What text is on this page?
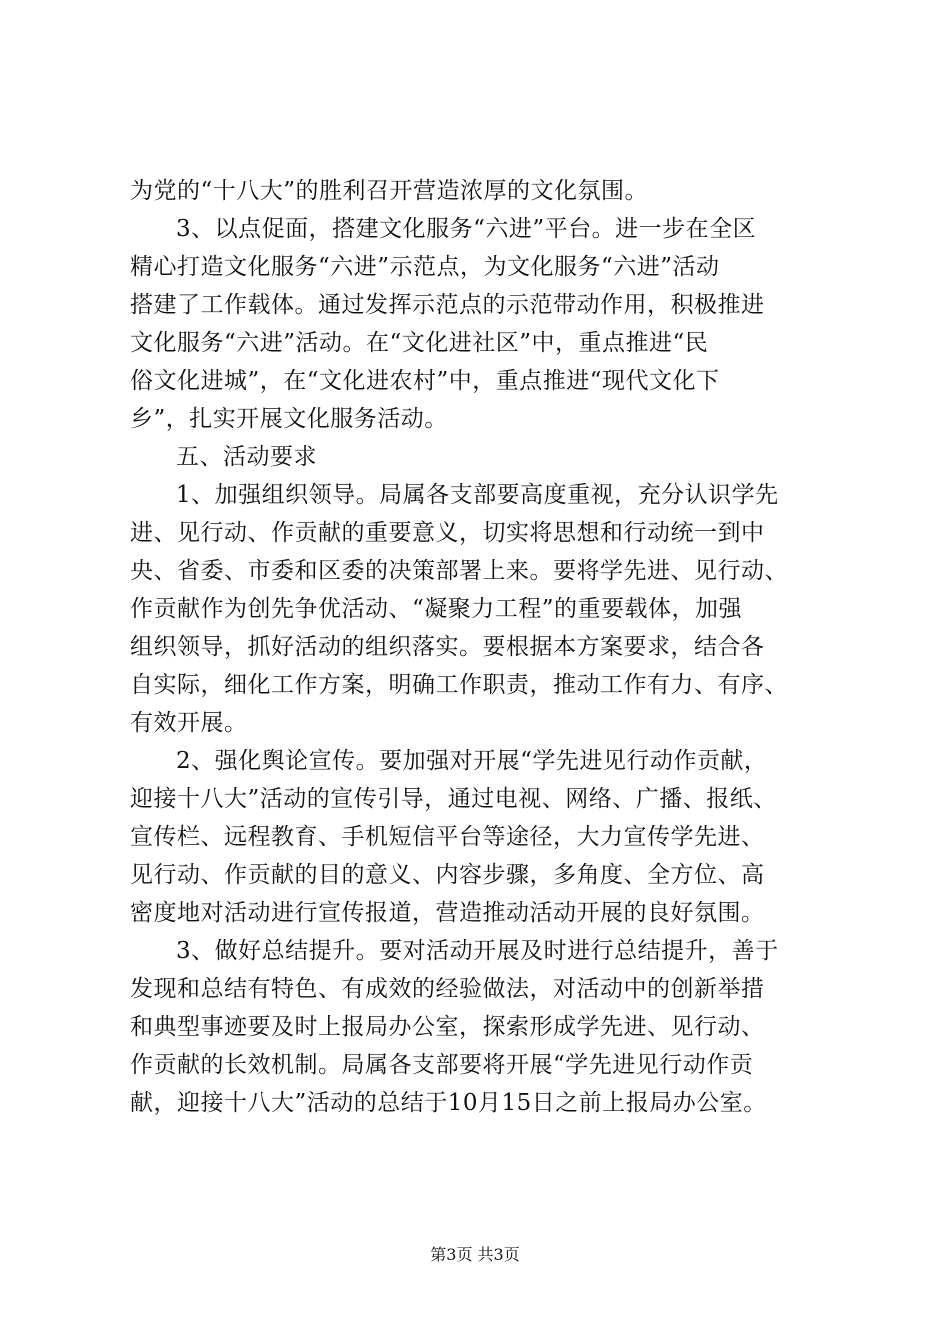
为党的“十八大”的胜利召开营造浓厚的文化氛围。
3、以点促面，搭建文化服务“六进”平台。进一步在全区
精心打造文化服务“六进”示范点，为文化服务“六进”活动
搭建了工作载体。通过发挥示范点的示范带动作用，积极推进
文化服务“六进”活动。在“文化进社区”中，重点推进“民
俗文化进城”，在“文化进农村”中，重点推进“现代文化下
乡”，扎实开展文化服务活动。
五、活动要求
1、加强组织领导。局属各支部要高度重视，充分认识学先
进、见行动、作贡献的重要意义，切实将思想和行动统一到中
央、省委、市委和区委的决策部署上来。要将学先进、见行动、
作贡献作为创先争优活动、“凝聚力工程”的重要载体，加强
组织领导，抓好活动的组织落实。要根据本方案要求，结合各
自实际，细化工作方案，明确工作职责，推动工作有力、有序、
有效开展。
2、强化舆论宣传。要加强对开展“学先进见行动作贡献，
迎接十八大”活动的宣传引导，通过电视、网络、广播、报纸、
宣传栏、远程教育、手机短信平台等途径，大力宣传学先进、
见行动、作贡献的目的意义、内容步骤，多角度、全方位、高
密度地对活动进行宣传报道，营造推动活动开展的良好氛围。
3、做好总结提升。要对活动开展及时进行总结提升，善于
发现和总结有特色、有成效的经验做法，对活动中的创新举措
和典型事迹要及时上报局办公室，探索形成学先进、见行动、
作贡献的长效机制。局属各支部要将开展“学先进见行动作贡
献，迎接十八大”活动的总结于10月15日之前上报局办公室。
第3页 共3页
